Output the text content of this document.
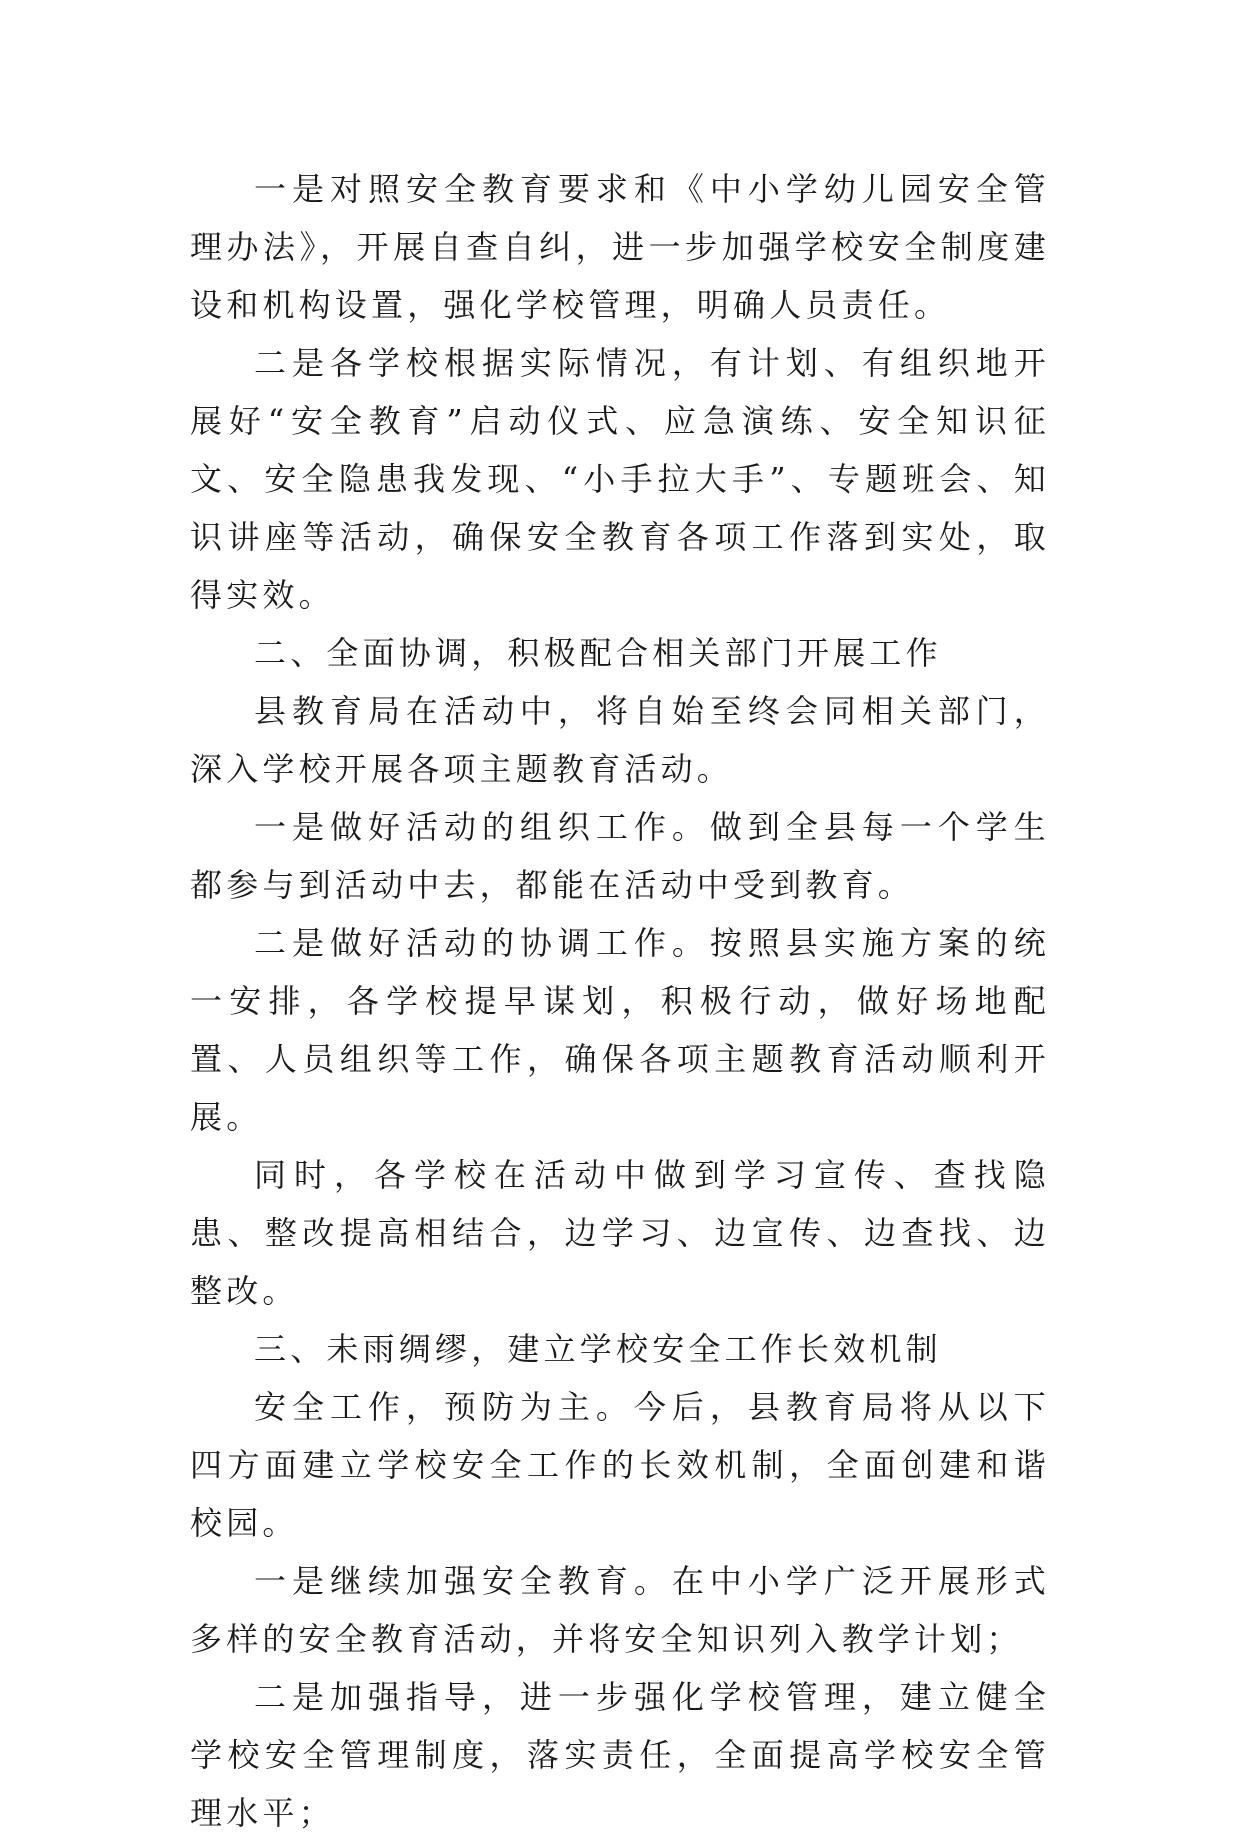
一是对照安全教育要求和《中小学幼儿园安全管理办法》，开展自查自纠，进一步加强学校安全制度建设和机构设置，强化学校管理，明确人员责任。

二是各学校根据实际情况，有计划、有组织地开展好“安全教育”启动仪式、应急演练、安全知识征文、安全隐患我发现、“小手拉大手”、专题班会、知识讲座等活动，确保安全教育各项工作落到实处，取得实效。

二、全面协调，积极配合相关部门开展工作

县教育局在活动中，将自始至终会同相关部门，深入学校开展各项主题教育活动。

一是做好活动的组织工作。做到全县每一个学生都参与到活动中去，都能在活动中受到教育。

二是做好活动的协调工作。按照县实施方案的统一安排，各学校提早谋划，积极行动，做好场地配置、人员组织等工作，确保各项主题教育活动顺利开展。

同时，各学校在活动中做到学习宣传、查找隐患、整改提高相结合，边学习、边宣传、边查找、边整改。

三、未雨绸缪，建立学校安全工作长效机制

安全工作，预防为主。今后，县教育局将从以下四方面建立学校安全工作的长效机制，全面创建和谐校园。

一是继续加强安全教育。在中小学广泛开展形式多样的安全教育活动，并将安全知识列入教学计划；

二是加强指导，进一步强化学校管理，建立健全学校安全管理制度，落实责任，全面提高学校安全管理水平；
